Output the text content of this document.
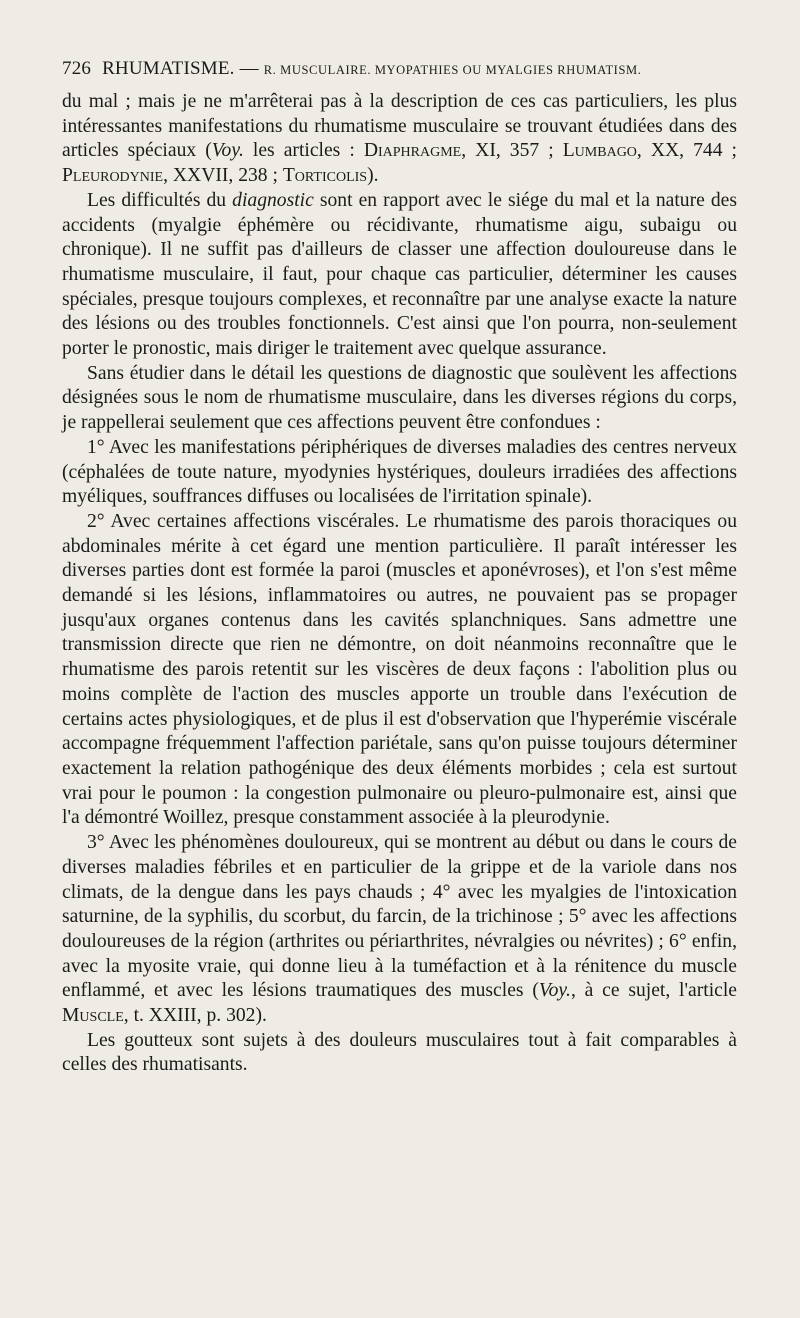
726 RHUMATISME. — R. MUSCULAIRE. MYOPATHIES OU MYALGIES RHUMATISM.

du mal ; mais je ne m'arrêterai pas à la description de ces cas particuliers, les plus intéressantes manifestations du rhumatisme musculaire se trouvant étudiées dans des articles spéciaux (Voy. les articles : Diaphragme, XI, 357 ; Lumbago, XX, 744 ; Pleurodynie, XXVII, 238 ; Torticolis).

Les difficultés du diagnostic sont en rapport avec le siége du mal et la nature des accidents (myalgie éphémère ou récidivante, rhumatisme aigu, subaigu ou chronique). Il ne suffit pas d'ailleurs de classer une affection douloureuse dans le rhumatisme musculaire, il faut, pour chaque cas particulier, déterminer les causes spéciales, presque toujours complexes, et reconnaître par une analyse exacte la nature des lésions ou des troubles fonctionnels. C'est ainsi que l'on pourra, non-seulement porter le pronostic, mais diriger le traitement avec quelque assurance.

Sans étudier dans le détail les questions de diagnostic que soulèvent les affections désignées sous le nom de rhumatisme musculaire, dans les diverses régions du corps, je rappellerai seulement que ces affections peuvent être confondues :

1° Avec les manifestations périphériques de diverses maladies des centres nerveux (céphalées de toute nature, myodynies hystériques, douleurs irradiées des affections myéliques, souffrances diffuses ou localisées de l'irritation spinale).

2° Avec certaines affections viscérales. Le rhumatisme des parois thoraciques ou abdominales mérite à cet égard une mention particulière. Il paraît intéresser les diverses parties dont est formée la paroi (muscles et aponévroses), et l'on s'est même demandé si les lésions, inflammatoires ou autres, ne pouvaient pas se propager jusqu'aux organes contenus dans les cavités splanchniques. Sans admettre une transmission directe que rien ne démontre, on doit néanmoins reconnaître que le rhumatisme des parois retentit sur les viscères de deux façons : l'abolition plus ou moins complète de l'action des muscles apporte un trouble dans l'exécution de certains actes physiologiques, et de plus il est d'observation que l'hyperémie viscérale accompagne fréquemment l'affection pariétale, sans qu'on puisse toujours déterminer exactement la relation pathogénique des deux éléments morbides ; cela est surtout vrai pour le poumon : la congestion pulmonaire ou pleuro-pulmonaire est, ainsi que l'a démontré Woillez, presque constamment associée à la pleurodynie.

3° Avec les phénomènes douloureux, qui se montrent au début ou dans le cours de diverses maladies fébriles et en particulier de la grippe et de la variole dans nos climats, de la dengue dans les pays chauds ; 4° avec les myalgies de l'intoxication saturnine, de la syphilis, du scorbut, du farcin, de la trichinose ; 5° avec les affections douloureuses de la région (arthrites ou périarthrites, névralgies ou névrites) ; 6° enfin, avec la myosite vraie, qui donne lieu à la tuméfaction et à la rénitence du muscle enflammé, et avec les lésions traumatiques des muscles (Voy., à ce sujet, l'article Muscle, t. XXIII, p. 302).

Les goutteux sont sujets à des douleurs musculaires tout à fait comparables à celles des rhumatisants.
